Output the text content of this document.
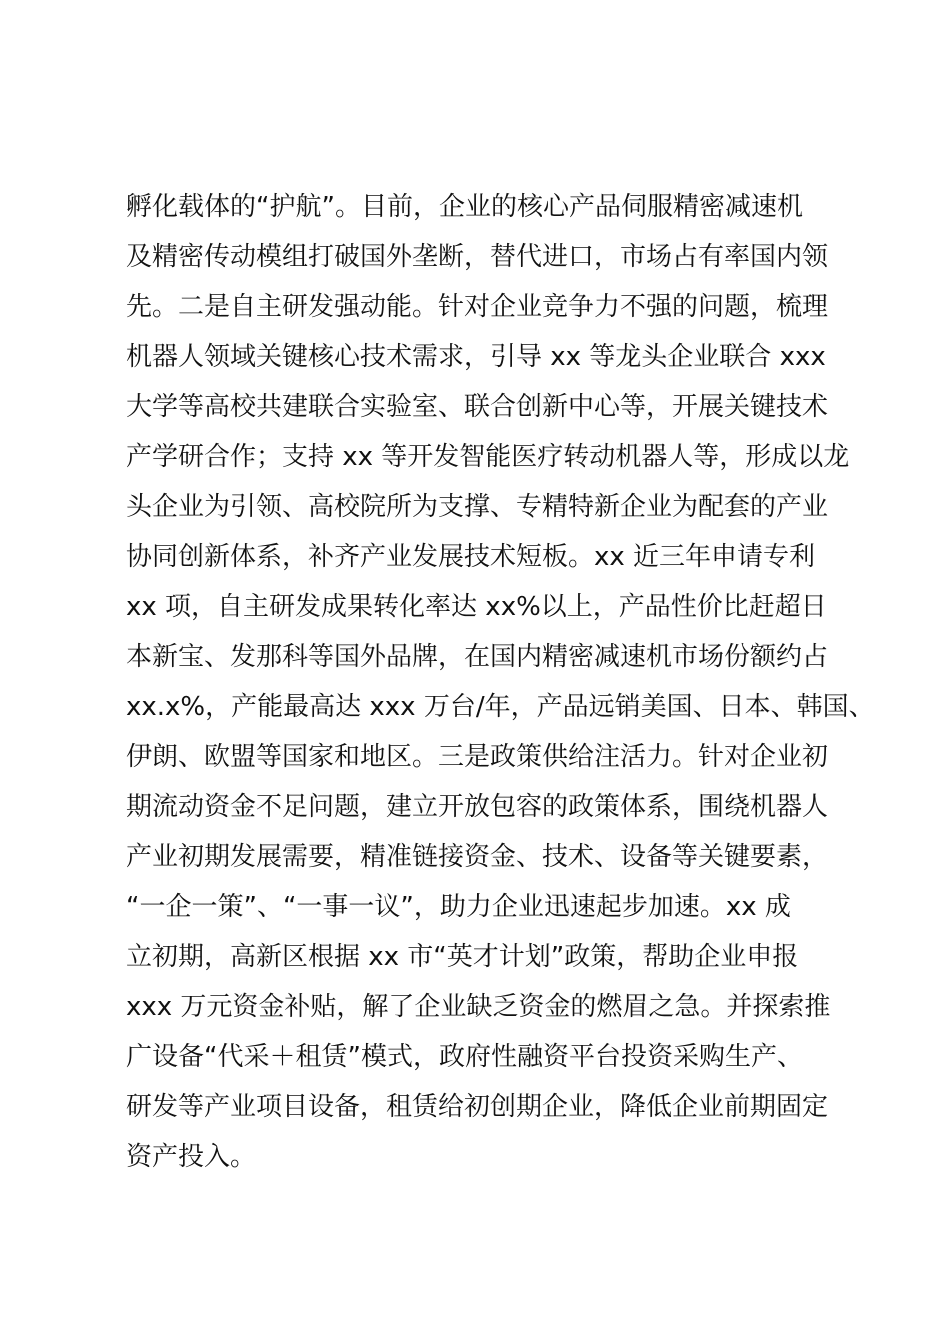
孵化载体的“护航”。目前，企业的核心产品伺服精密减速机
及精密传动模组打破国外垄断，替代进口，市场占有率国内领
先。二是自主研发强动能。针对企业竞争力不强的问题，梳理
机器人领域关键核心技术需求，引导 xx 等龙头企业联合 xxx
大学等高校共建联合实验室、联合创新中心等，开展关键技术
产学研合作；支持 xx 等开发智能医疗转动机器人等，形成以龙
头企业为引领、高校院所为支撑、专精特新企业为配套的产业
协同创新体系，补齐产业发展技术短板。xx 近三年申请专利
xx 项，自主研发成果转化率达 xx%以上，产品性价比赶超日
本新宝、发那科等国外品牌，在国内精密减速机市场份额约占
xx.x%，产能最高达 xxx 万台/年，产品远销美国、日本、韩国、
伊朗、欧盟等国家和地区。三是政策供给注活力。针对企业初
期流动资金不足问题，建立开放包容的政策体系，围绕机器人
产业初期发展需要，精准链接资金、技术、设备等关键要素，
“一企一策”、“一事一议”，助力企业迅速起步加速。xx 成
立初期，高新区根据 xx 市“英才计划”政策，帮助企业申报
xxx 万元资金补贴，解了企业缺乏资金的燃眉之急。并探索推
广设备“代采＋租赁”模式，政府性融资平台投资采购生产、
研发等产业项目设备，租赁给初创期企业，降低企业前期固定
资产投入。
